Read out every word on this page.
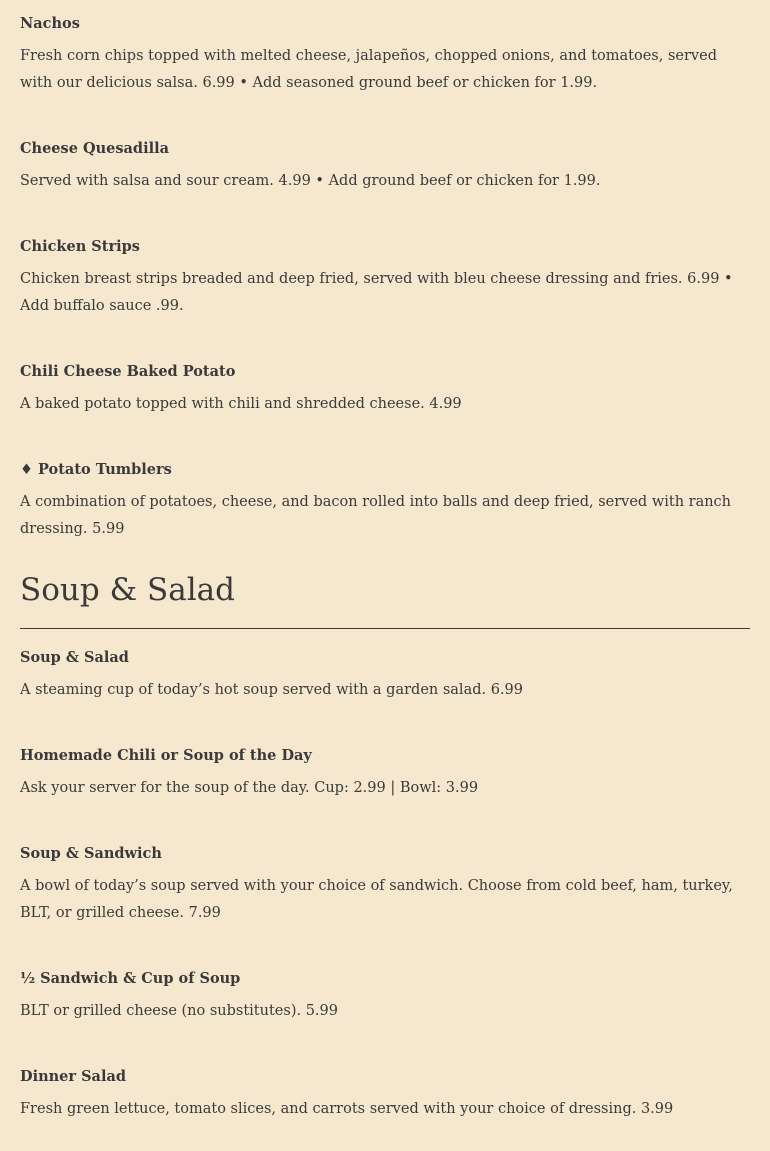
Nachos

Fresh corn chips topped with melted cheese, jalapeños, chopped onions, and tomatoes, served with our delicious salsa. 6.99 • Add seasoned ground beef or chicken for 1.99.

Cheese Quesadilla

Served with salsa and sour cream. 4.99 • Add ground beef or chicken for 1.99.

Chicken Strips

Chicken breast strips breaded and deep fried, served with bleu cheese dressing and fries. 6.99 • Add buffalo sauce .99.

Chili Cheese Baked Potato

A baked potato topped with chili and shredded cheese. 4.99

♦ Potato Tumblers

A combination of potatoes, cheese, and bacon rolled into balls and deep fried, served with ranch dressing. 5.99

Soup & Salad

Soup & Salad

A steaming cup of today’s hot soup served with a garden salad. 6.99

Homemade Chili or Soup of the Day

Ask your server for the soup of the day. Cup: 2.99 | Bowl: 3.99

Soup & Sandwich

A bowl of today’s soup served with your choice of sandwich. Choose from cold beef, ham, turkey, BLT, or grilled cheese. 7.99

½ Sandwich & Cup of Soup

BLT or grilled cheese (no substitutes). 5.99

Dinner Salad

Fresh green lettuce, tomato slices, and carrots served with your choice of dressing. 3.99
